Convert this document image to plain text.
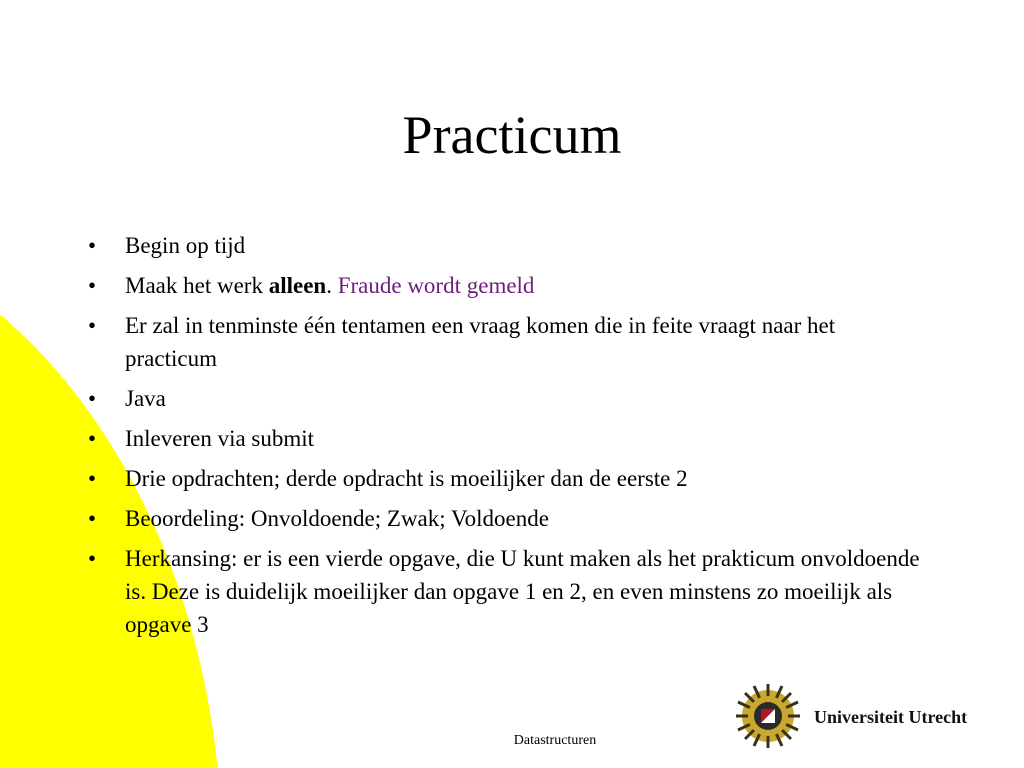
Practicum
• Begin op tijd
• Maak het werk alleen. Fraude wordt gemeld
• Er zal in tenminste één tentamen een vraag komen die in feite vraagt naar het practicum
• Java
• Inleveren via submit
• Drie opdrachten; derde opdracht is moeilijker dan de eerste 2
• Beoordeling: Onvoldoende; Zwak; Voldoende
• Herkansing: er is een vierde opgave, die U kunt maken als het prakticum onvoldoende is. Deze is duidelijk moeilijker dan opgave 1 en 2, en even minstens zo moeilijk als opgave 3
Datastructuren
Universiteit Utrecht
